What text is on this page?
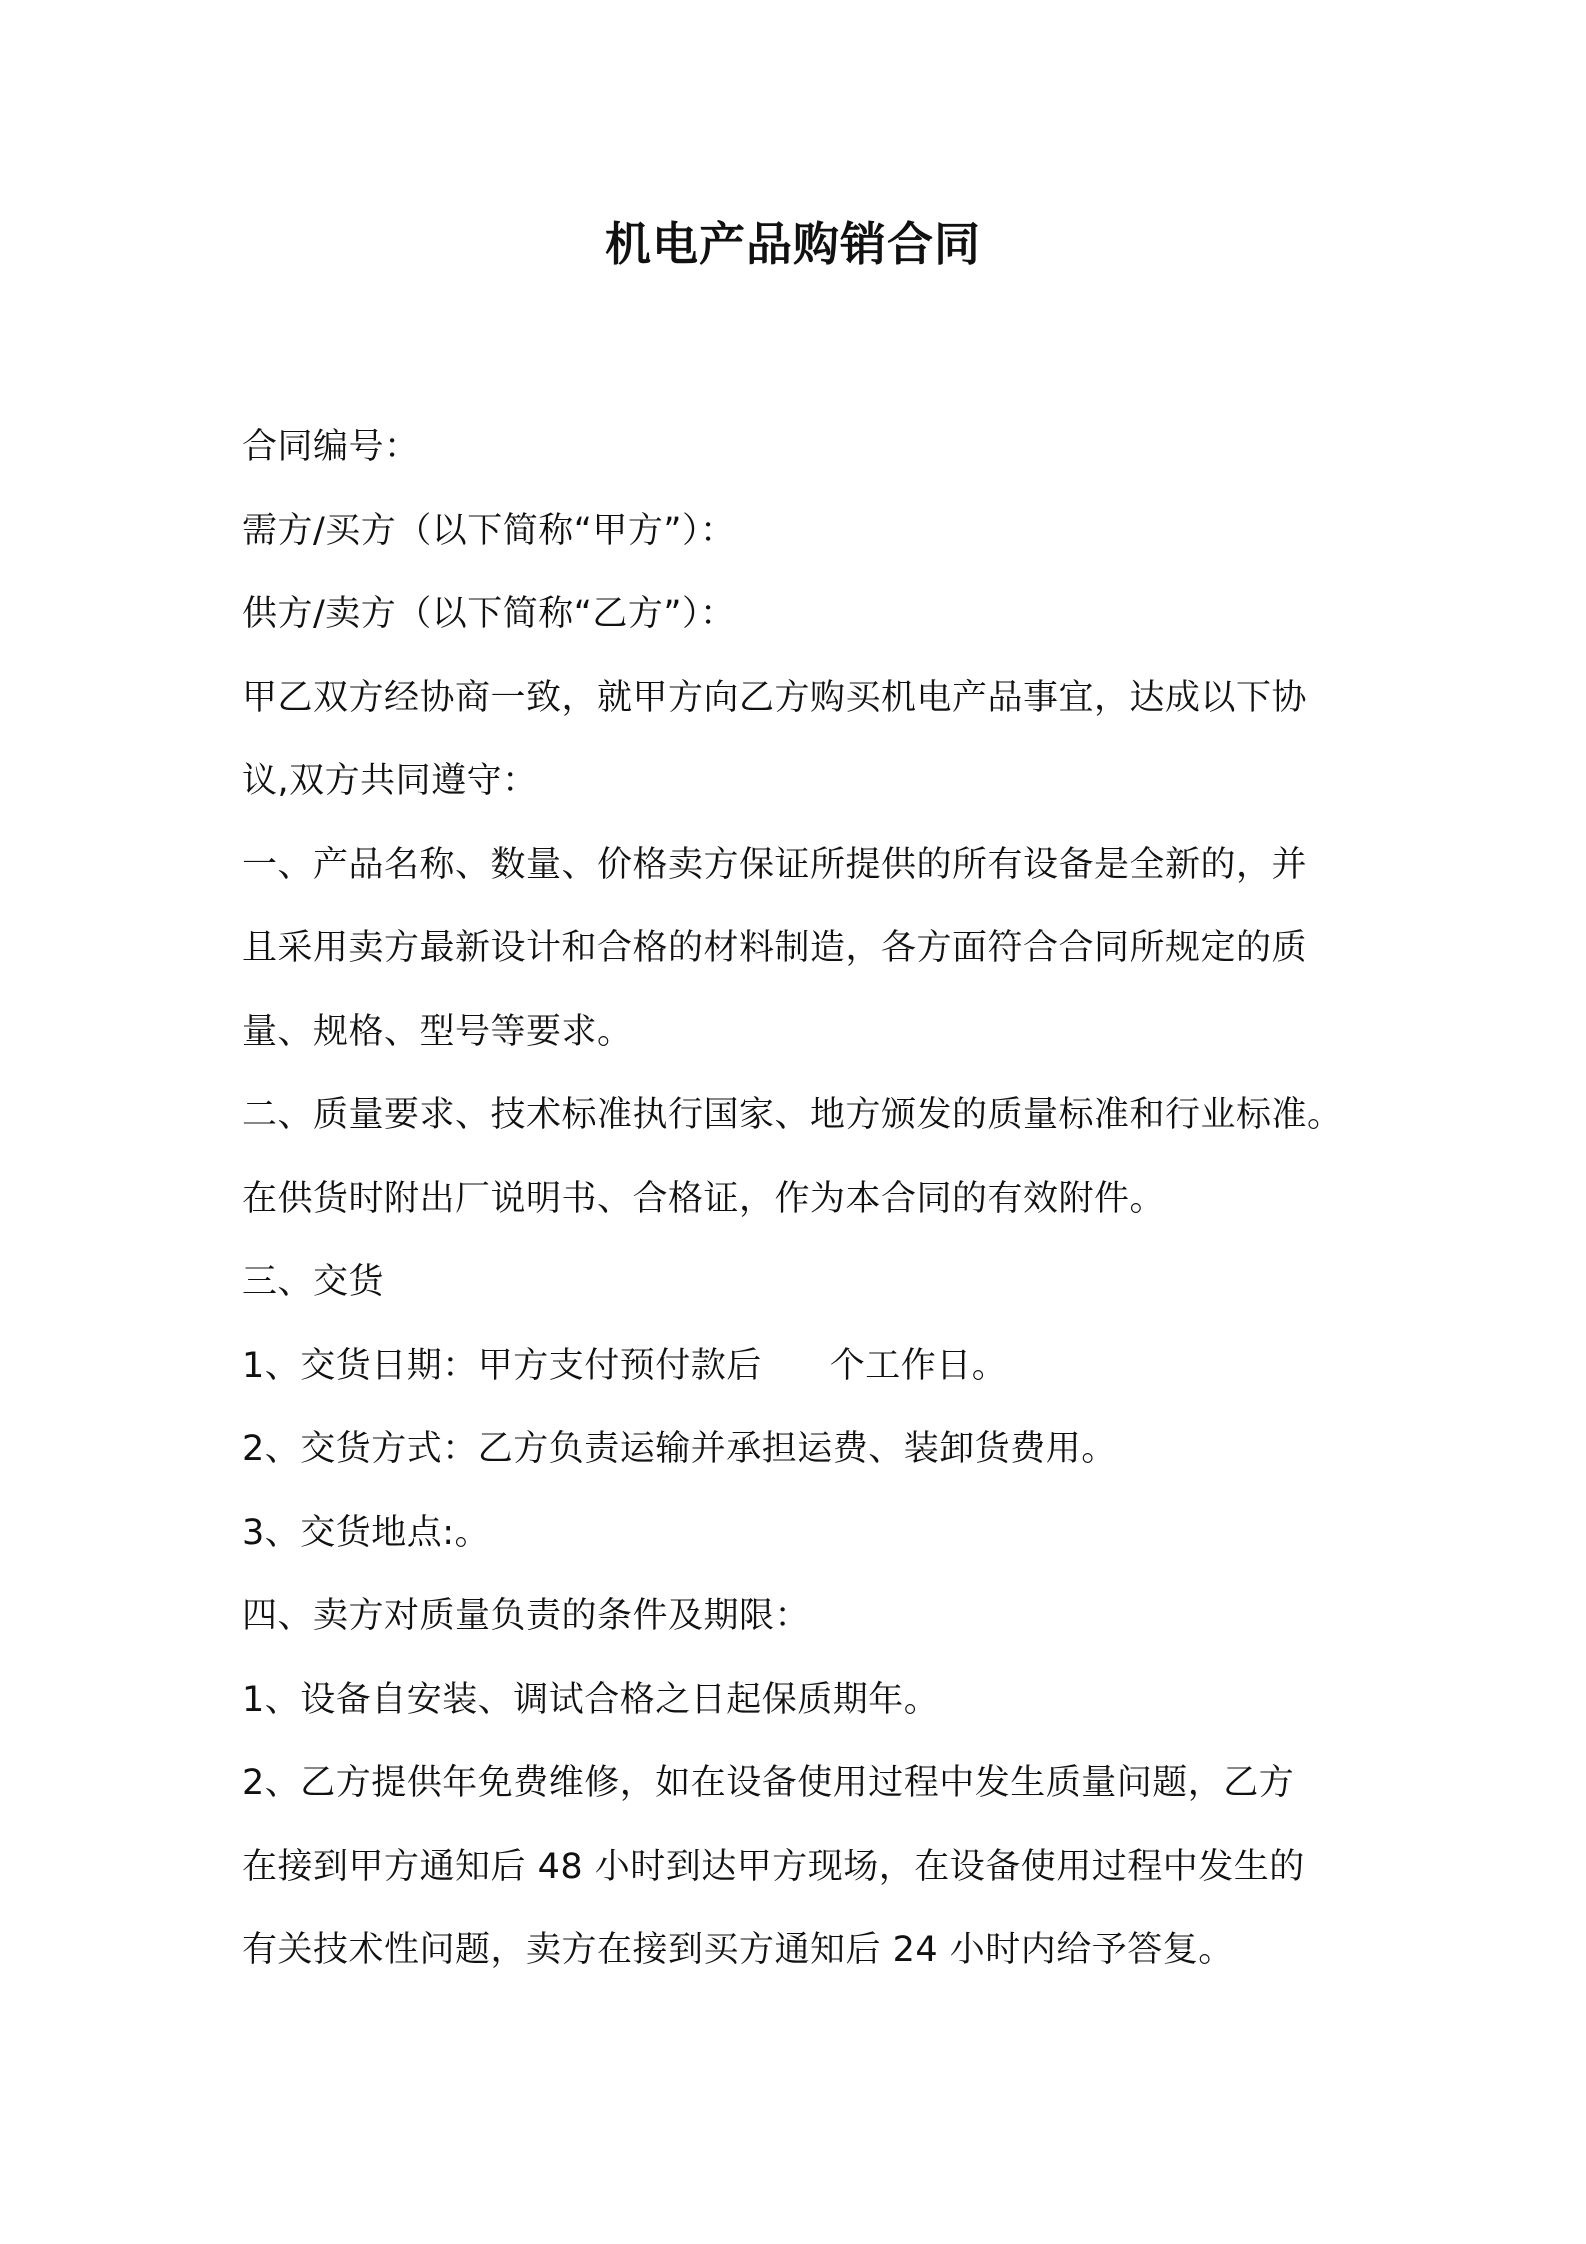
机电产品购销合同
合同编号：
需方/买方（以下简称“甲方”）：
供方/卖方（以下简称“乙方”）：
甲乙双方经协商一致，就甲方向乙方购买机电产品事宜，达成以下协
议,双方共同遵守：
一、产品名称、数量、价格卖方保证所提供的所有设备是全新的，并
且采用卖方最新设计和合格的材料制造，各方面符合合同所规定的质
量、规格、型号等要求。
二、质量要求、技术标准执行国家、地方颁发的质量标准和行业标准。
在供货时附出厂说明书、合格证，作为本合同的有效附件。
三、交货
1、交货日期：甲方支付预付款后 个工作日。
2、交货方式：乙方负责运输并承担运费、装卸货费用。
3、交货地点:。
四、卖方对质量负责的条件及期限：
1、设备自安装、调试合格之日起保质期年。
2、乙方提供年免费维修，如在设备使用过程中发生质量问题，乙方
在接到甲方通知后 48 小时到达甲方现场，在设备使用过程中发生的
有关技术性问题，卖方在接到买方通知后 24 小时内给予答复。
